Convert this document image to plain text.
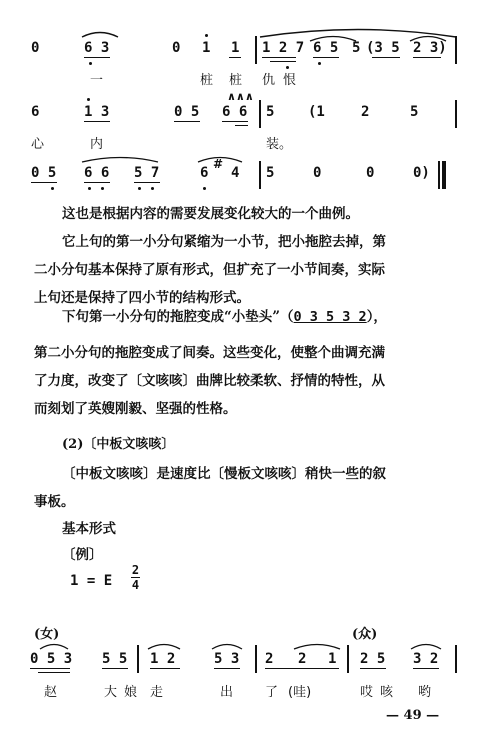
0	6 3	0 1 1 1 2 7 6 5 5 (3 5 2 3)
一	桩 桩 仇 恨
6	1 3	0 5 6 6
∧∧∧
5 (1	2	5
心	内	装。
0 5 6 6 5 7	6
#
4 5	0	0	0)
这也是根据内容的需要发展变化较大的一个曲例。
它上句的第一小分句紧缩为一小节，把小拖腔去掉，第
二小分句基本保持了原有形式，但扩充了一小节间奏，实际
上句还是保持了四小节的结构形式。
下句第一小分句的拖腔变成“小垫头”（0 3 5 3 2），
第二小分句的拖腔变成了间奏。这些变化，使整个曲调充满
了力度，改变了〔文咳咳〕曲牌比较柔软、抒情的特性，从
而刻划了英嫂刚毅、坚强的性格。
(2)〔中板文咳咳〕
〔中板文咳咳〕是速度比〔慢板文咳咳〕稍快一些的叙
事板。
基本形式
〔例〕
1 = E
2
4
(女)	(众)
0 5 3 5 5 1 2	5 3 2 2 1 2 5 3 2
赵	大 娘 走	出 了 (哇)	哎 咳 哟
— 49 —
